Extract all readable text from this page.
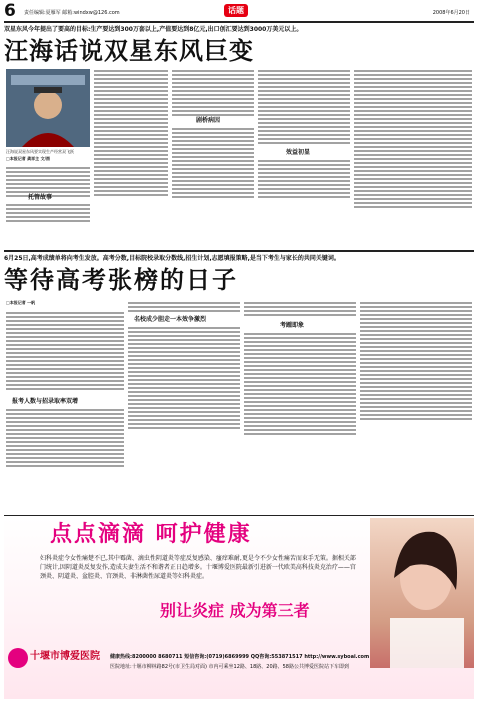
6 责任编辑:夏雁军 邮箱:windxw@126.com	话题	2008年6月20日
双星东风今年提出了要高的目标:生产要达到300万套以上,产值要达到8亿元,出口创汇要达到3000万美元以上。
汪海话说双星东风巨变
汪海说双星东风要实现生产经营双飞跃
□本报记者 龚祥主 文/图
托管故事
剧桥病因
效益初显
6月25日,高考成绩单将向考生发放。高考分数,目标院校录取分数线,招生计划,志愿填报策略,是当下考生与家长的共同关键词。
等待高考张榜的日子
□本报记者 一帆
报考人数与招录取率双增
名校成少胆走一本效争激烈
考踵即象
点点滴滴 呵护健康
妇科炎症令女性痛楚不已,其中霉菌、滴虫性阴道炎等症反复感染、瘙痒难耐,更是令不少女性痛苦而束手无策。据相关部门统计,因阴道炎反复发作,造成夫妻生活不和谐者正日趋增多。十堰博爱医院最新引进新一代欧美高科技炎克治疗——宫颈炎、阴道炎、盆腔炎、宫颈炎、非淋菌性尿道炎等妇科炎症。
别让炎症 成为第三者
十堰市博爱医院 健康热线:8200000 8680711 短信咨询:(0719)6869999 QQ咨询:553871517 http://www.syboai.com
医院地址:十堰市柳林路82号(市卫生局对面) 市内可乘坐12路、18路、20路、58路公共博爱医院站下车即到
